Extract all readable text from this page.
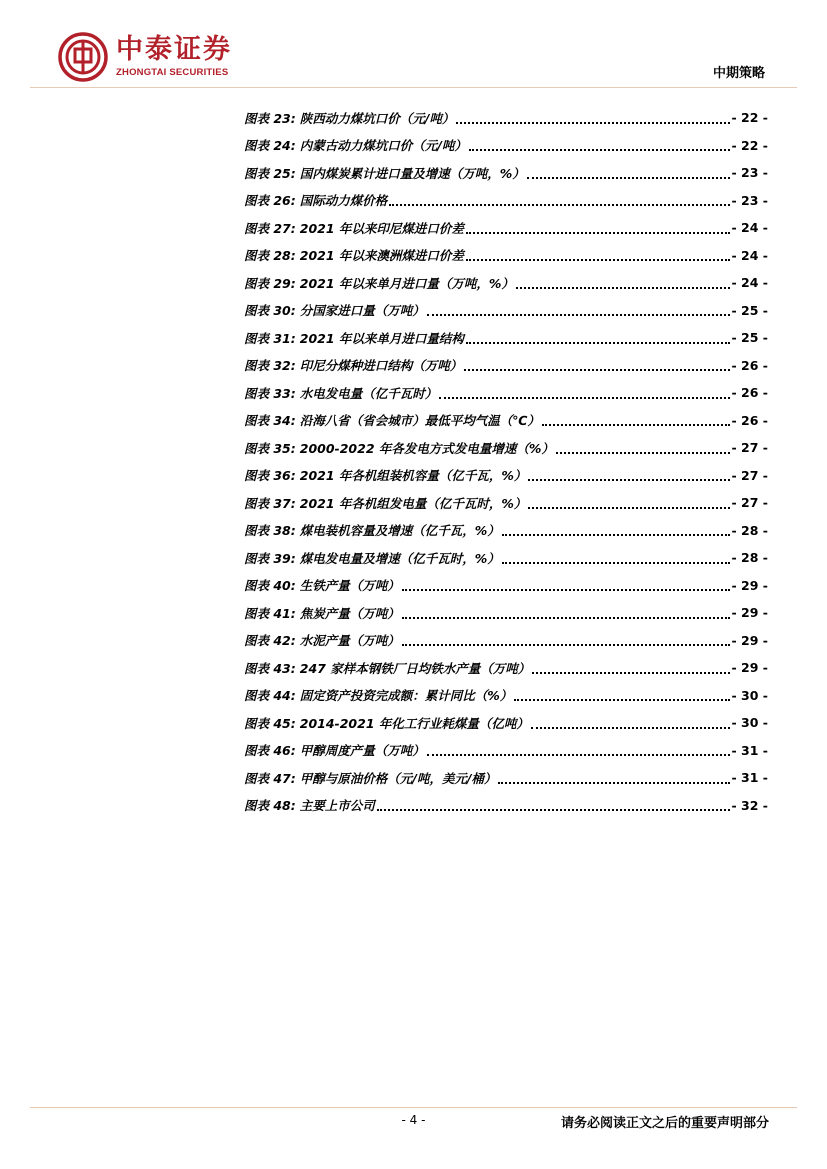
中泰证券
ZHONGTAI SECURITIES	中期策略
图表 23: 陕西动力煤坑口价（元/吨）	- 22 -
图表 24: 内蒙古动力煤坑口价（元/吨）	- 22 -
图表 25: 国内煤炭累计进口量及增速（万吨，%）	- 23 -
图表 26: 国际动力煤价格	- 23 -
图表 27: 2021 年以来印尼煤进口价差	- 24 -
图表 28: 2021 年以来澳洲煤进口价差	- 24 -
图表 29: 2021 年以来单月进口量（万吨，%）	- 24 -
图表 30: 分国家进口量（万吨）	- 25 -
图表 31: 2021 年以来单月进口量结构	- 25 -
图表 32: 印尼分煤种进口结构（万吨）	- 26 -
图表 33: 水电发电量（亿千瓦时）	- 26 -
图表 34: 沿海八省（省会城市）最低平均气温（℃）	- 26 -
图表 35: 2000-2022 年各发电方式发电量增速（%）	- 27 -
图表 36: 2021 年各机组装机容量（亿千瓦，%）	- 27 -
图表 37: 2021 年各机组发电量（亿千瓦时，%）	- 27 -
图表 38: 煤电装机容量及增速（亿千瓦，%）	- 28 -
图表 39: 煤电发电量及增速（亿千瓦时，%）	- 28 -
图表 40: 生铁产量（万吨）	- 29 -
图表 41: 焦炭产量（万吨）	- 29 -
图表 42: 水泥产量（万吨）	- 29 -
图表 43: 247 家样本钢铁厂日均铁水产量（万吨）	- 29 -
图表 44: 固定资产投资完成额：累计同比（%）	- 30 -
图表 45: 2014-2021 年化工行业耗煤量（亿吨）	- 30 -
图表 46: 甲醇周度产量（万吨）	- 31 -
图表 47: 甲醇与原油价格（元/吨，美元/桶）	- 31 -
图表 48: 主要上市公司	- 32 -
- 4 -	请务必阅读正文之后的重要声明部分
